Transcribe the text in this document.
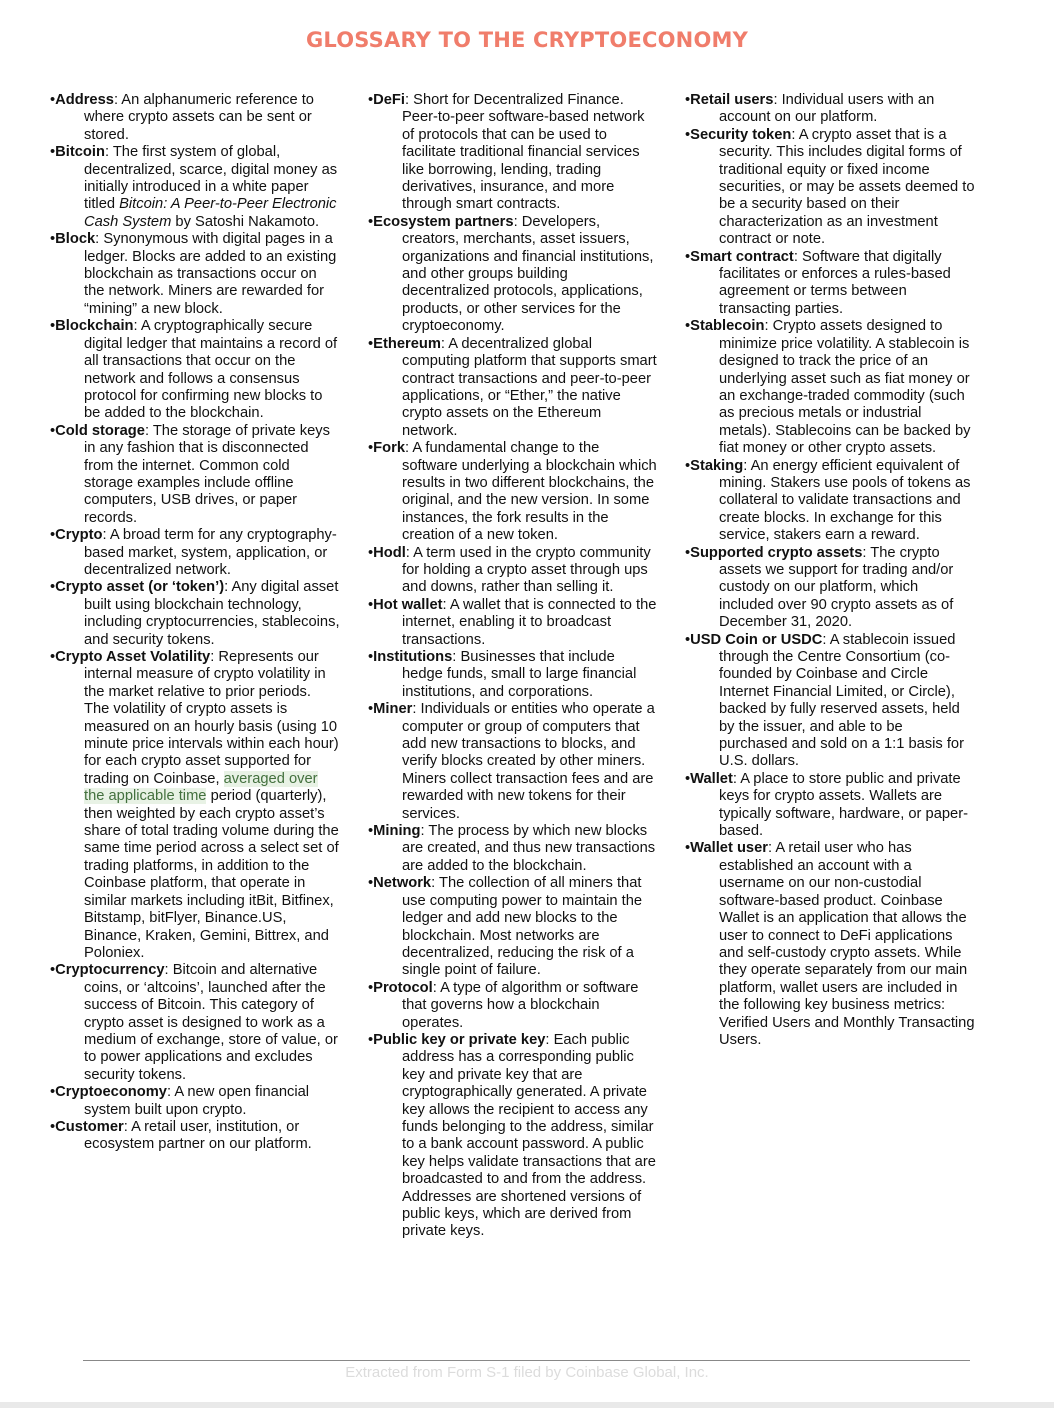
GLOSSARY TO THE CRYPTOECONOMY
•Address: An alphanumeric reference to where crypto assets can be sent or stored.
•Bitcoin: The first system of global, decentralized, scarce, digital money as initially introduced in a white paper titled Bitcoin: A Peer-to-Peer Electronic Cash System by Satoshi Nakamoto.
•Block: Synonymous with digital pages in a ledger. Blocks are added to an existing blockchain as transactions occur on the network. Miners are rewarded for “mining” a new block.
•Blockchain: A cryptographically secure digital ledger that maintains a record of all transactions that occur on the network and follows a consensus protocol for confirming new blocks to be added to the blockchain.
•Cold storage: The storage of private keys in any fashion that is disconnected from the internet. Common cold storage examples include offline computers, USB drives, or paper records.
•Crypto: A broad term for any cryptography-based market, system, application, or decentralized network.
•Crypto asset (or ‘token’): Any digital asset built using blockchain technology, including cryptocurrencies, stablecoins, and security tokens.
•Crypto Asset Volatility: Represents our internal measure of crypto volatility in the market relative to prior periods. The volatility of crypto assets is measured on an hourly basis (using 10 minute price intervals within each hour) for each crypto asset supported for trading on Coinbase, averaged over the applicable time period (quarterly), then weighted by each crypto asset’s share of total trading volume during the same time period across a select set of trading platforms, in addition to the Coinbase platform, that operate in similar markets including itBit, Bitfinex, Bitstamp, bitFlyer, Binance.US, Binance, Kraken, Gemini, Bittrex, and Poloniex.
•Cryptocurrency: Bitcoin and alternative coins, or ‘altcoins’, launched after the success of Bitcoin. This category of crypto asset is designed to work as a medium of exchange, store of value, or to power applications and excludes security tokens.
•Cryptoeconomy: A new open financial system built upon crypto.
•Customer: A retail user, institution, or ecosystem partner on our platform.
•DeFi: Short for Decentralized Finance. Peer-to-peer software-based network of protocols that can be used to facilitate traditional financial services like borrowing, lending, trading derivatives, insurance, and more through smart contracts.
•Ecosystem partners: Developers, creators, merchants, asset issuers, organizations and financial institutions, and other groups building decentralized protocols, applications, products, or other services for the cryptoeconomy.
•Ethereum: A decentralized global computing platform that supports smart contract transactions and peer-to-peer applications, or “Ether,” the native crypto assets on the Ethereum network.
•Fork: A fundamental change to the software underlying a blockchain which results in two different blockchains, the original, and the new version. In some instances, the fork results in the creation of a new token.
•Hodl: A term used in the crypto community for holding a crypto asset through ups and downs, rather than selling it.
•Hot wallet: A wallet that is connected to the internet, enabling it to broadcast transactions.
•Institutions: Businesses that include hedge funds, small to large financial institutions, and corporations.
•Miner: Individuals or entities who operate a computer or group of computers that add new transactions to blocks, and verify blocks created by other miners. Miners collect transaction fees and are rewarded with new tokens for their services.
•Mining: The process by which new blocks are created, and thus new transactions are added to the blockchain.
•Network: The collection of all miners that use computing power to maintain the ledger and add new blocks to the blockchain. Most networks are decentralized, reducing the risk of a single point of failure.
•Protocol: A type of algorithm or software that governs how a blockchain operates.
•Public key or private key: Each public address has a corresponding public key and private key that are cryptographically generated. A private key allows the recipient to access any funds belonging to the address, similar to a bank account password. A public key helps validate transactions that are broadcasted to and from the address. Addresses are shortened versions of public keys, which are derived from private keys.
•Retail users: Individual users with an account on our platform.
•Security token: A crypto asset that is a security. This includes digital forms of traditional equity or fixed income securities, or may be assets deemed to be a security based on their characterization as an investment contract or note.
•Smart contract: Software that digitally facilitates or enforces a rules-based agreement or terms between transacting parties.
•Stablecoin: Crypto assets designed to minimize price volatility. A stablecoin is designed to track the price of an underlying asset such as fiat money or an exchange-traded commodity (such as precious metals or industrial metals). Stablecoins can be backed by fiat money or other crypto assets.
•Staking: An energy efficient equivalent of mining. Stakers use pools of tokens as collateral to validate transactions and create blocks. In exchange for this service, stakers earn a reward.
•Supported crypto assets: The crypto assets we support for trading and/or custody on our platform, which included over 90 crypto assets as of December 31, 2020.
•USD Coin or USDC: A stablecoin issued through the Centre Consortium (co-founded by Coinbase and Circle Internet Financial Limited, or Circle), backed by fully reserved assets, held by the issuer, and able to be purchased and sold on a 1:1 basis for U.S. dollars.
•Wallet: A place to store public and private keys for crypto assets. Wallets are typically software, hardware, or paper-based.
•Wallet user: A retail user who has established an account with a username on our non-custodial software-based product. Coinbase Wallet is an application that allows the user to connect to DeFi applications and self-custody crypto assets. While they operate separately from our main platform, wallet users are included in the following key business metrics: Verified Users and Monthly Transacting Users.
Extracted from Form S-1 filed by Coinbase Global, Inc.
